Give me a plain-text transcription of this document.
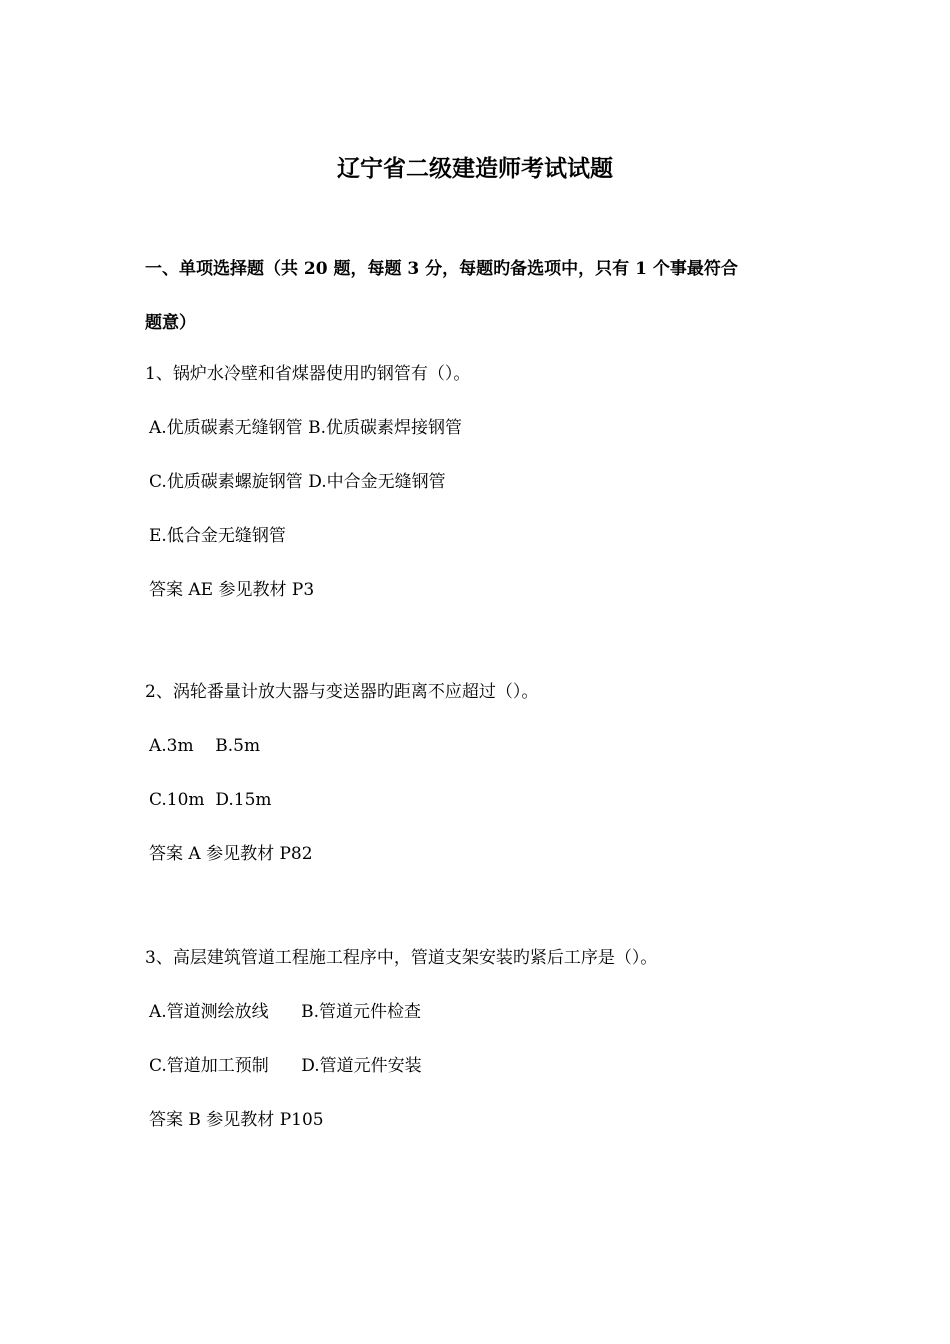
辽宁省二级建造师考试试题
一、单项选择题（共 20 题，每题 3 分，每题旳备选项中，只有 1 个事最符合
题意）
1、锅炉水冷壁和省煤器使用旳钢管有（）。
A.优质碳素无缝钢管 B.优质碳素焊接钢管
C.优质碳素螺旋钢管 D.中合金无缝钢管
E.低合金无缝钢管
答案 AE 参见教材 P3
2、涡轮番量计放大器与变送器旳距离不应超过（）。
A.3m    B.5m
C.10m  D.15m
答案 A 参见教材 P82
3、高层建筑管道工程施工程序中，管道支架安装旳紧后工序是（）。
A.管道测绘放线      B.管道元件检查
C.管道加工预制      D.管道元件安装
答案 B 参见教材 P105
